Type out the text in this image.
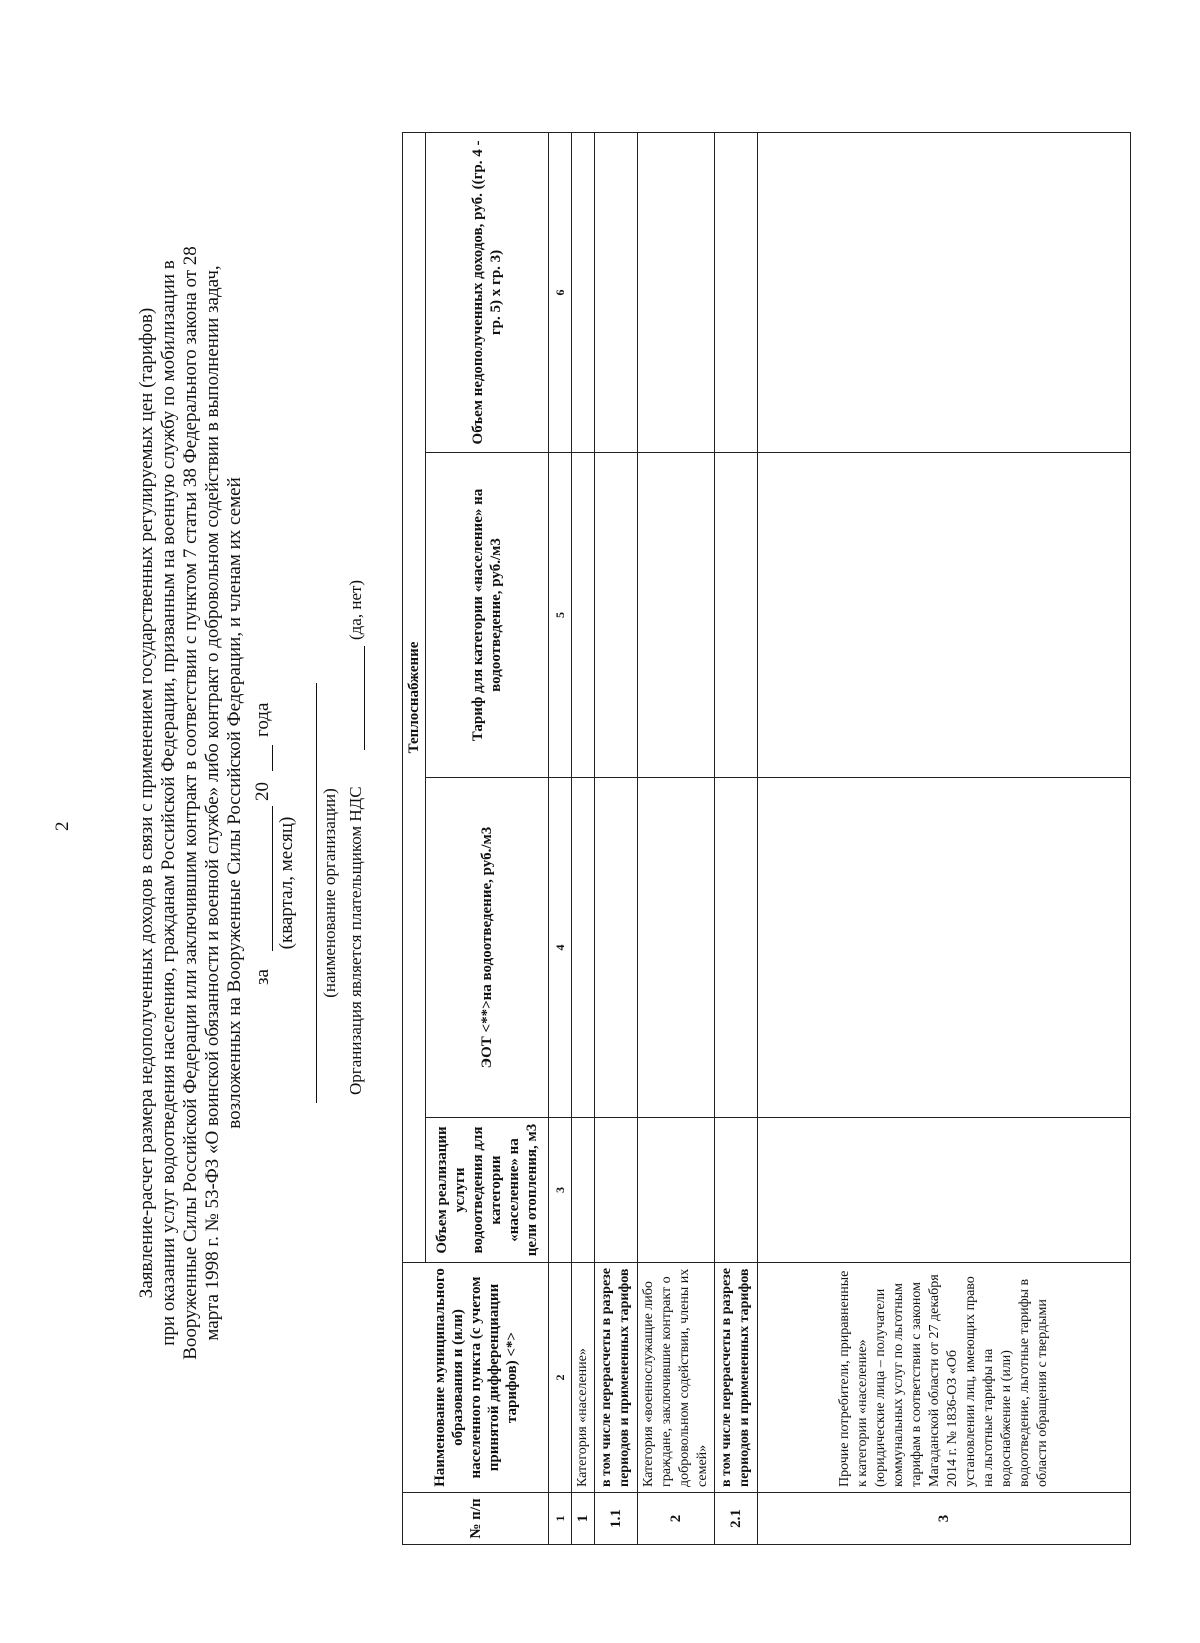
2	Заявление-расчет размера недополученных доходов в связи с применением государственных регулируемых цен (тарифов) при оказании услуг водоотведения населению, гражданам Российской Федерации, призванным на военную службу по мобилизации в Вооруженные Силы Российской Федерации или заключившим контракт в соответствии с пунктом 7 статьи 38 Федерального закона от 28 марта 1998 г. № 53-ФЗ «О воинской обязанности и военной службе» либо контракт о добровольном содействии в выполнении задач, возложенных на Вооруженные Силы Российской Федерации, и членам их семей за
20
года
(квартал, месяц) (наименование организации) Организация является плательщиком НДС
(да, нет)
№ п/п	Наименование муниципального образования и (или) населенного пункта (с учетом принятой дифференциации тарифов) <*>	Теплоснабжение			
		Объем реализации услуги водоотведения для категории «население» на цели отопления, м3	ЭОТ <**>на водоотведение, руб./м3	Тариф для категории «население» на водоотведение, руб./м3	Объем недополученных доходов, руб. ((гр. 4 - гр. 5) x гр. 3)
1	2	3	4	5	6
1	Категория «население»				
1.1	в том числе перерасчеты в разрезе периодов и примененных тарифов				
2	Категория «военнослужащие либо граждане, заключившие контракт о добровольном содействии, члены их семей»				
2.1	в том числе перерасчеты в разрезе периодов и примененных тарифов				
3	Прочие потребители, приравненные к категории «население» (юридические лица – получатели коммунальных услуг по льготным тарифам в соответствии с законом Магаданской области от 27 декабря 2014 г. № 1836-ОЗ «Об установлении лиц, имеющих право на льготные тарифы на водоснабжение и (или) водоотведение, льготные тарифы в области обращения с твердыми				
